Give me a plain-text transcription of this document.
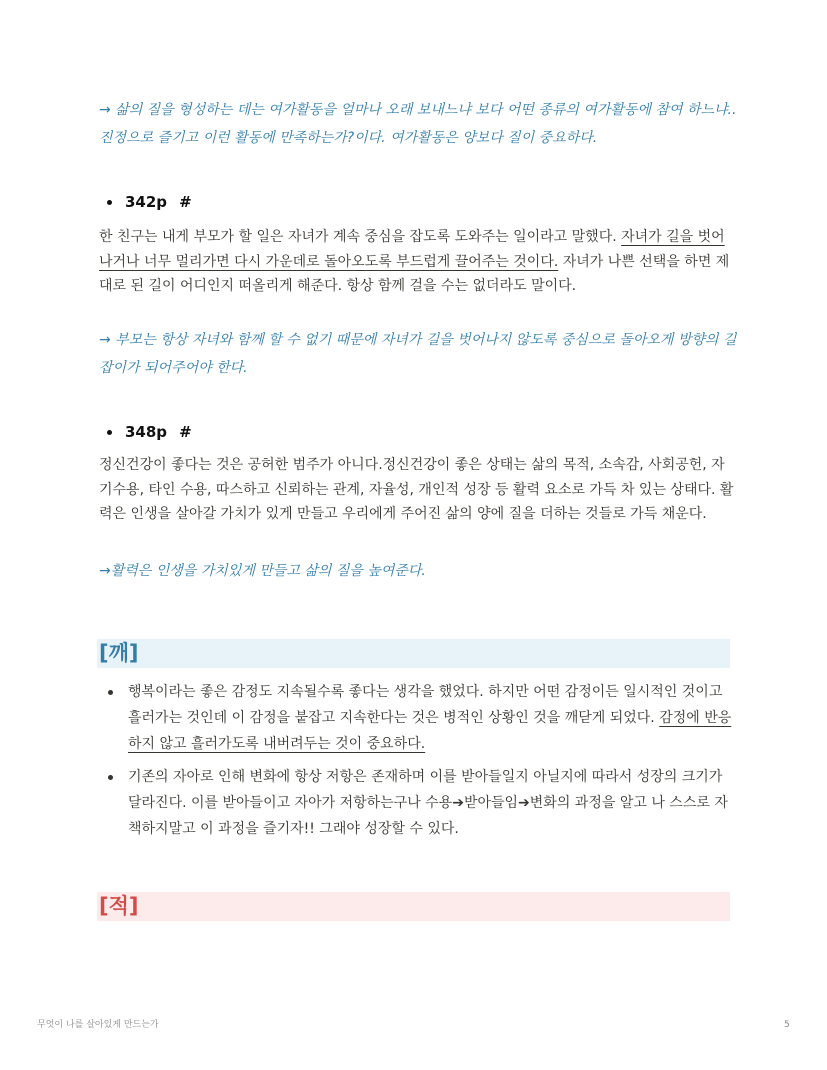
→ 삶의 질을 형성하는 데는 여가활동을 얼마나 오래 보내느냐 보다 어떤 종류의 여가활동에 참여 하느냐.. 진정으로 즐기고 이런 활동에 만족하는가?이다. 여가활동은 양보다 질이 중요하다.

342p #

한 친구는 내게 부모가 할 일은 자녀가 계속 중심을 잡도록 도와주는 일이라고 말했다. 자녀가 길을 벗어나거나 너무 멀리가면 다시 가운데로 돌아오도록 부드럽게 끌어주는 것이다. 자녀가 나쁜 선택을 하면 제대로 된 길이 어디인지 떠올리게 해준다. 항상 함께 걸을 수는 없더라도 말이다.

→ 부모는 항상 자녀와 함께 할 수 없기 때문에 자녀가 길을 벗어나지 않도록 중심으로 돌아오게 방향의 길잡이가 되어주어야 한다.

348p #

정신건강이 좋다는 것은 공허한 범주가 아니다.정신건강이 좋은 상태는 삶의 목적, 소속감, 사회공헌, 자기수용, 타인 수용, 따스하고 신뢰하는 관계, 자율성, 개인적 성장 등 활력 요소로 가득 차 있는 상태다. 활력은 인생을 살아갈 가치가 있게 만들고 우리에게 주어진 삶의 양에 질을 더하는 것들로 가득 채운다.

→활력은 인생을 가치있게 만들고 삶의 질을 높여준다.

[깨]
행복이라는 좋은 감정도 지속될수록 좋다는 생각을 했었다. 하지만 어떤 감정이든 일시적인 것이고 흘러가는 것인데 이 감정을 붙잡고 지속한다는 것은 병적인 상황인 것을 깨닫게 되었다. 감정에 반응하지 않고 흘러가도록 내버려두는 것이 중요하다.
기존의 자아로 인해 변화에 항상 저항은 존재하며 이를 받아들일지 아닐지에 따라서 성장의 크기가 달라진다. 이를 받아들이고 자아가 저항하는구나 수용➔받아들임➔변화의 과정을 알고 나 스스로 자책하지말고 이 과정을 즐기자!! 그래야 성장할 수 있다.
[적]
무엇이 나를 살아있게 만드는가	5
